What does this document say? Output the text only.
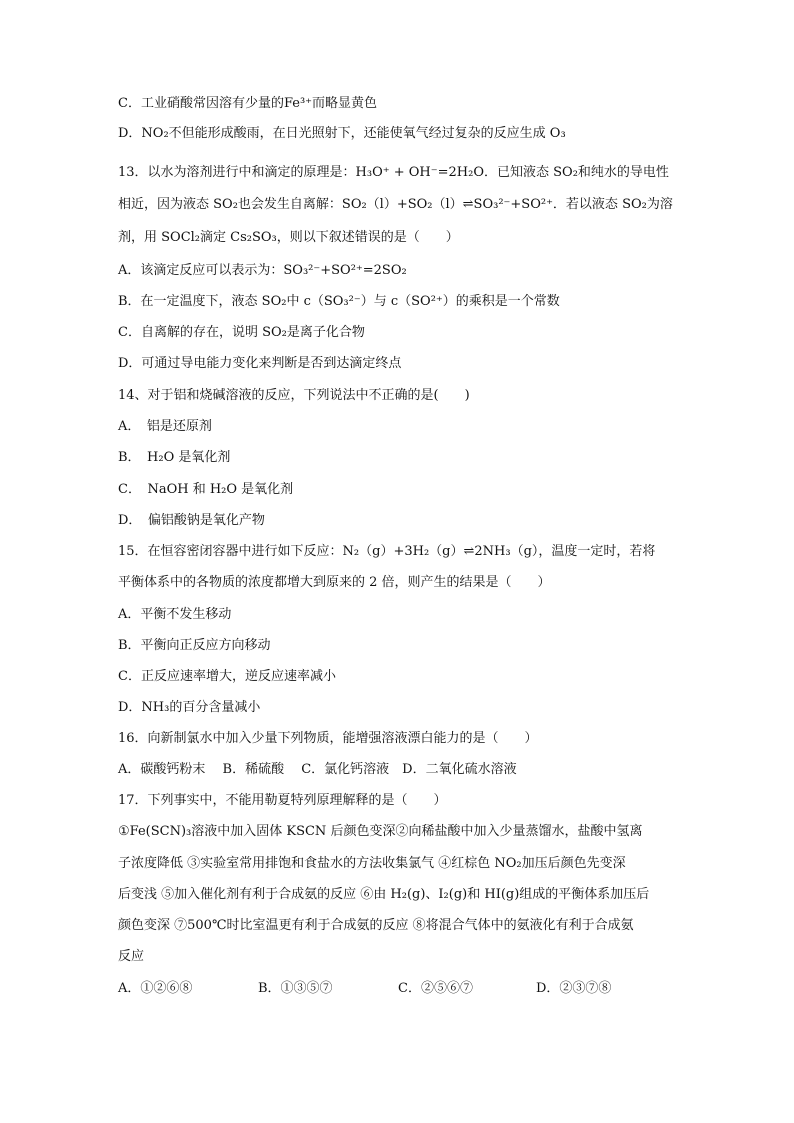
C．工业硝酸常因溶有少量的Fe³⁺而略显黄色
D．NO₂不但能形成酸雨，在日光照射下，还能使氧气经过复杂的反应生成 O₃
13．以水为溶剂进行中和滴定的原理是：H₃O⁺ + OH⁻=2H₂O．已知液态 SO₂和纯水的导电性
相近，因为液态 SO₂也会发生自离解：SO₂（l）+SO₂（l）⇌SO₃²⁻+SO²⁺．若以液态 SO₂为溶
剂，用 SOCl₂滴定 Cs₂SO₃，则以下叙述错误的是（　　）
A．该滴定反应可以表示为：SO₃²⁻+SO²⁺=2SO₂
B．在一定温度下，液态 SO₂中 c（SO₃²⁻）与 c（SO²⁺）的乘积是一个常数
C．自离解的存在，说明 SO₂是离子化合物
D．可通过导电能力变化来判断是否到达滴定终点
14、对于铝和烧碱溶液的反应，下列说法中不正确的是(　　)
A．　铝是还原剂
B．　H₂O 是氧化剂
C．　NaOH 和 H₂O 是氧化剂
D．　偏铝酸钠是氧化产物
15．在恒容密闭容器中进行如下反应：N₂（g）+3H₂（g）⇌2NH₃（g），温度一定时，若将
平衡体系中的各物质的浓度都增大到原来的 2 倍，则产生的结果是（　　）
A．平衡不发生移动
B．平衡向正反应方向移动
C．正反应速率增大，逆反应速率减小
D．NH₃的百分含量减小
16．向新制氯水中加入少量下列物质，能增强溶液漂白能力的是（　　）
A．碳酸钙粉末　 B．稀硫酸　 C．氯化钙溶液　D．二氧化硫水溶液
17．下列事实中，不能用勒夏特列原理解释的是（　　）
①Fe(SCN)₃溶液中加入固体 KSCN 后颜色变深②向稀盐酸中加入少量蒸馏水，盐酸中氢离
子浓度降低 ③实验室常用排饱和食盐水的方法收集氯气 ④红棕色 NO₂加压后颜色先变深
后变浅 ⑤加入催化剂有利于合成氨的反应 ⑥由 H₂(g)、I₂(g)和 HI(g)组成的平衡体系加压后
颜色变深 ⑦500℃时比室温更有利于合成氨的反应 ⑧将混合气体中的氨液化有利于合成氨
反应
A．①②⑥⑧	B．①③⑤⑦	C．②⑤⑥⑦	D．②③⑦⑧
